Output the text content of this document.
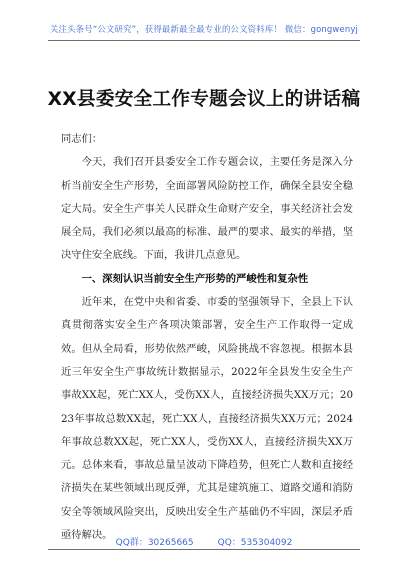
关注头条号“公文研究”，获得最新最全最专业的公文资料库！ 微信：gongwenyj
XX县委安全工作专题会议上的讲话稿

同志们：

今天，我们召开县委安全工作专题会议，主要任务是深入分析当前安全生产形势，全面部署风险防控工作，确保全县安全稳定大局。安全生产事关人民群众生命财产安全，事关经济社会发展全局，我们必须以最高的标准、最严的要求、最实的举措，坚决守住安全底线。下面，我讲几点意见。

一、深刻认识当前安全生产形势的严峻性和复杂性

近年来，在党中央和省委、市委的坚强领导下，全县上下认真贯彻落实安全生产各项决策部署，安全生产工作取得一定成效。但从全局看，形势依然严峻，风险挑战不容忽视。根据本县近三年安全生产事故统计数据显示，2022年全县发生安全生产事故XX起，死亡XX人，受伤XX人，直接经济损失XX万元；2023年事故总数XX起，死亡XX人，直接经济损失XX万元；2024年事故总数XX起，死亡XX人，受伤XX人，直接经济损失XX万元。总体来看，事故总量呈波动下降趋势，但死亡人数和直接经济损失在某些领域出现反弹，尤其是建筑施工、道路交通和消防安全等领域风险突出，反映出安全生产基础仍不牢固，深层矛盾亟待解决。

QQ群：30265665	QQ：535304092
